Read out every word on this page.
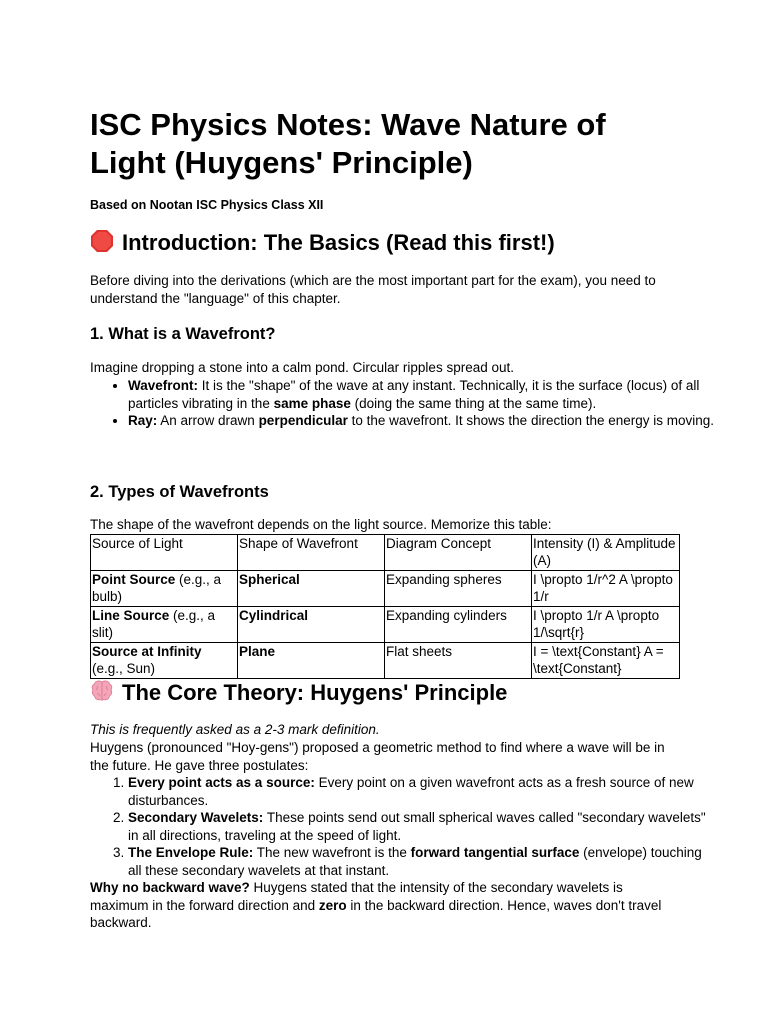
ISC Physics Notes: Wave Nature of Light (Huygens' Principle)

Based on Nootan ISC Physics Class XII

Introduction: The Basics (Read this first!)

Before diving into the derivations (which are the most important part for the exam), you need to understand the "language" of this chapter.

1. What is a Wavefront?

Imagine dropping a stone into a calm pond. Circular ripples spread out.

• Wavefront: It is the "shape" of the wave at any instant. Technically, it is the surface (locus) of all particles vibrating in the same phase (doing the same thing at the same time).
• Ray: An arrow drawn perpendicular to the wavefront. It shows the direction the energy is moving.
2. Types of Wavefronts

The shape of the wavefront depends on the light source. Memorize this table:

Source of Light	Shape of Wavefront	Diagram Concept	Intensity (I) & Amplitude (A)
Point Source (e.g., a bulb)	Spherical	Expanding spheres	I \propto 1/r^2 A \propto 1/r
Line Source (e.g., a slit)	Cylindrical	Expanding cylinders	I \propto 1/r A \propto 1/\sqrt{r}
Source at Infinity (e.g., Sun)	Plane	Flat sheets	I = \text{Constant} A = \text{Constant}
The Core Theory: Huygens' Principle

This is frequently asked as a 2-3 mark definition.

Huygens (pronounced "Hoy-gens") proposed a geometric method to find where a wave will be in the future. He gave three postulates:

1. Every point acts as a source: Every point on a given wavefront acts as a fresh source of new disturbances.
2. Secondary Wavelets: These points send out small spherical waves called "secondary wavelets" in all directions, traveling at the speed of light.
3. The Envelope Rule: The new wavefront is the forward tangential surface (envelope) touching all these secondary wavelets at that instant.

Why no backward wave? Huygens stated that the intensity of the secondary wavelets is maximum in the forward direction and zero in the backward direction. Hence, waves don't travel backward.
